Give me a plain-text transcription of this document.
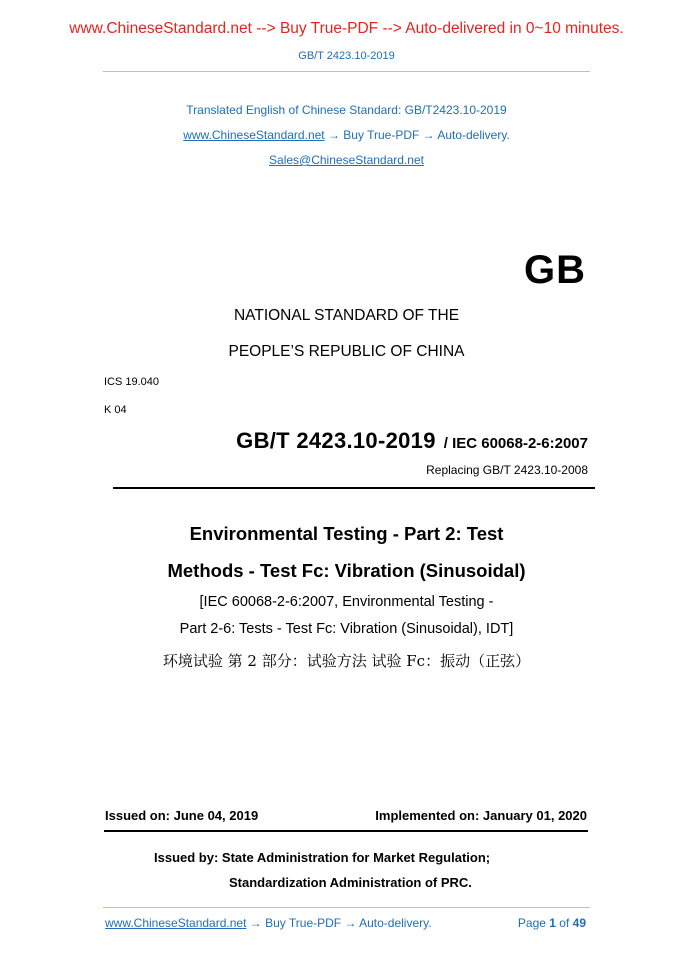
www.ChineseStandard.net --> Buy True-PDF --> Auto-delivered in 0~10 minutes.
GB/T 2423.10-2019
Translated English of Chinese Standard: GB/T2423.10-2019
www.ChineseStandard.net → Buy True-PDF → Auto-delivery.
Sales@ChineseStandard.net
GB
NATIONAL STANDARD OF THE
PEOPLE’S REPUBLIC OF CHINA
ICS 19.040
K 04
GB/T 2423.10-2019 / IEC 60068-2-6:2007
Replacing GB/T 2423.10-2008
Environmental Testing - Part 2: Test
Methods - Test Fc: Vibration (Sinusoidal)
[IEC 60068-2-6:2007, Environmental Testing -
Part 2-6: Tests - Test Fc: Vibration (Sinusoidal), IDT]
环境试验 第 2 部分：试验方法 试验 Fc：振动（正弦）
Issued on: June 04, 2019	Implemented on: January 01, 2020
Issued by: State Administration for Market Regulation;
Standardization Administration of PRC.
www.ChineseStandard.net → Buy True-PDF → Auto-delivery.	Page 1 of 49
